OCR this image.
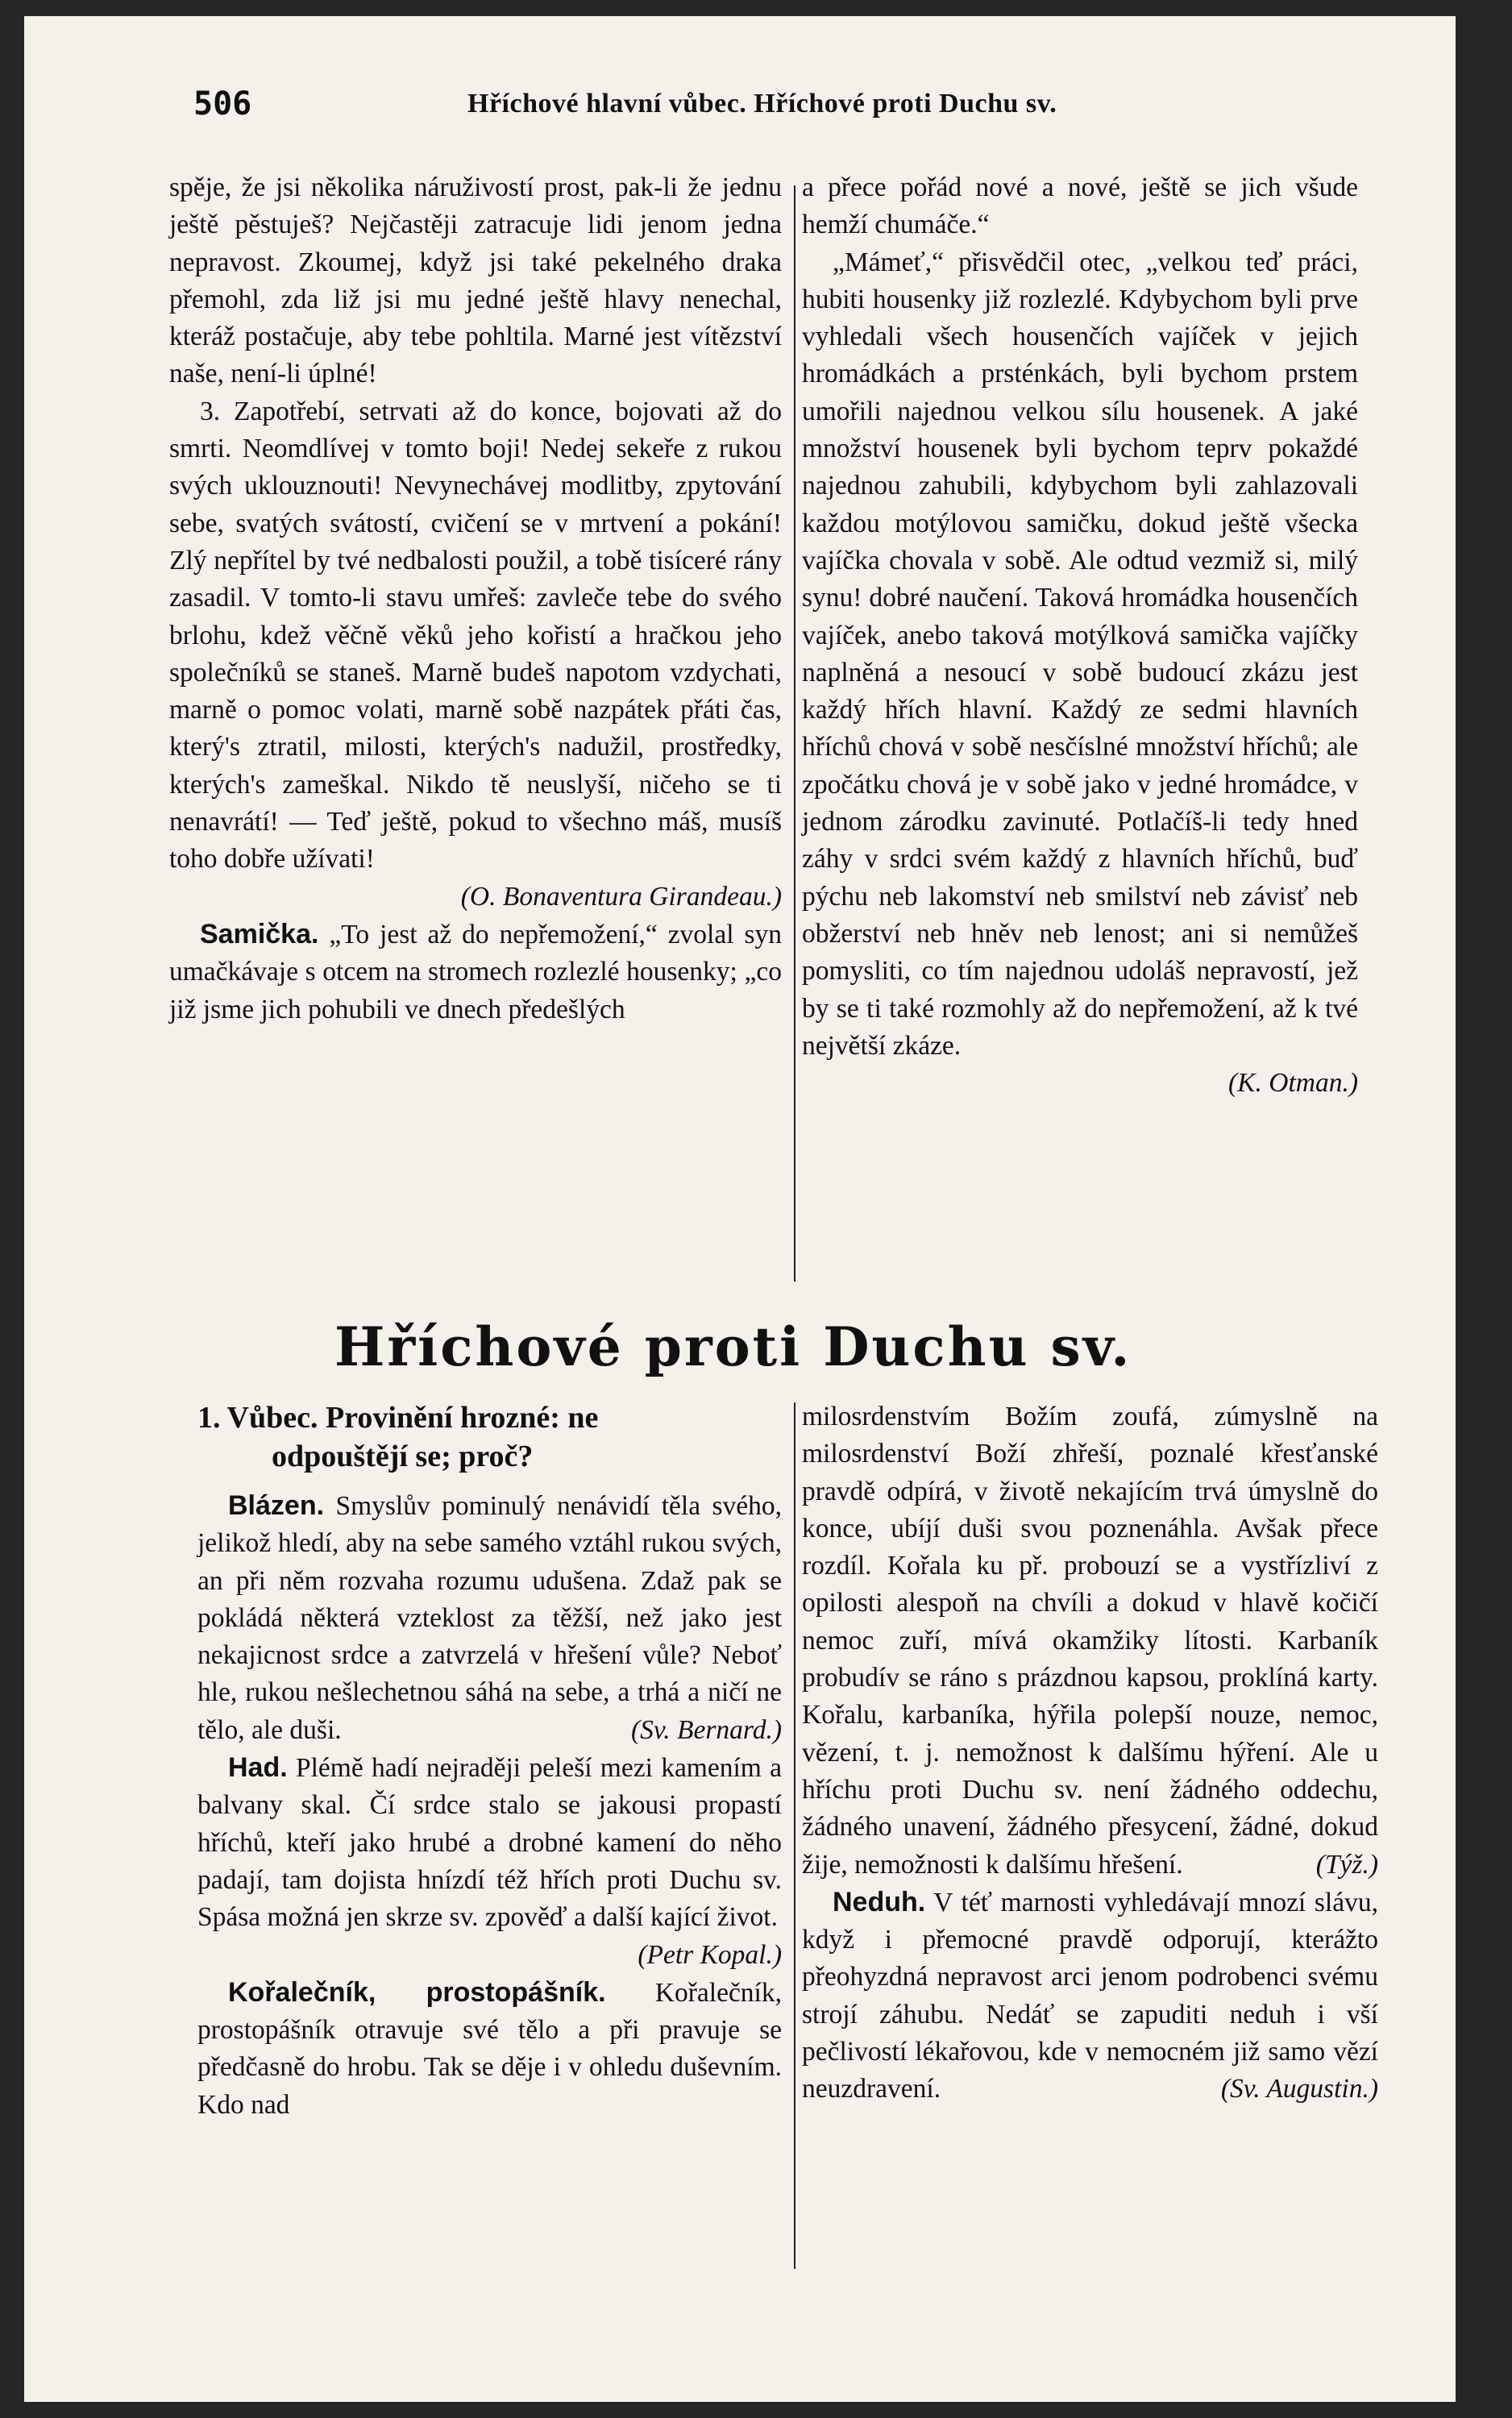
506	Hříchové hlavní vůbec. Hříchové proti Duchu sv.

spěje, že jsi několika náruživostí prost, pak-li že jednu ještě pěstuješ? Nejčastěji zatracuje lidi jenom jedna nepravost. Zkoumej, když jsi také pekelného draka přemohl, zda liž jsi mu jedné ještě hlavy nenechal, kteráž postačuje, aby tebe pohltila. Marné jest vítězství naše, není-li úplné!

3. Zapotřebí, setrvati až do konce, bojovati až do smrti. Neomdlívej v tomto boji! Nedej sekeře z rukou svých uklouznouti! Nevynechávej modlitby, zpytování sebe, svatých svátostí, cvičení se v mrtvení a pokání! Zlý nepřítel by tvé nedbalosti použil, a tobě tisíceré rány zasadil. V tomto-li stavu umřeš: zavleče tebe do svého brlohu, kdež věčně věků jeho kořistí a hračkou jeho společníků se staneš. Marně budeš napotom vzdychati, marně o pomoc volati, marně sobě nazpátek přáti čas, který's ztratil, milosti, kterých's nadužil, prostředky, kterých's zameškal. Nikdo tě neuslyší, ničeho se ti nenavrátí! — Teď ještě, pokud to všechno máš, musíš toho dobře užívati!

(O. Bonaventura Girandeau.)

Samička. „To jest až do nepřemožení,“ zvolal syn umačkávaje s otcem na stromech rozlezlé housenky; „co již jsme jich pohubili ve dnech předešlých

a přece pořád nové a nové, ještě se jich všude hemží chumáče.“

„Mámeť,“ přisvědčil otec, „velkou teď práci, hubiti housenky již rozlezlé. Kdybychom byli prve vyhledali všech housenčích vajíček v jejich hromádkách a prsténkách, byli bychom prstem umořili najednou velkou sílu housenek. A jaké množství housenek byli bychom teprv pokaždé najednou zahubili, kdybychom byli zahlazovali každou motýlovou samičku, dokud ještě všecka vajíčka chovala v sobě. Ale odtud vezmiž si, milý synu! dobré naučení. Taková hromádka housenčích vajíček, anebo taková motýlková samička vajíčky naplněná a nesoucí v sobě budoucí zkázu jest každý hřích hlavní. Každý ze sedmi hlavních hříchů chová v sobě nesčíslné množství hříchů; ale zpočátku chová je v sobě jako v jedné hromádce, v jednom zárodku zavinuté. Potlačíš-li tedy hned záhy v srdci svém každý z hlavních hříchů, buď pýchu neb lakomství neb smilství neb závisť neb obžerství neb hněv neb lenost; ani si nemůžeš pomysliti, co tím najednou udoláš nepravostí, jež by se ti také rozmohly až do nepřemožení, až k tvé největší zkáze.

(K. Otman.)

Hříchové proti Duchu sv.

1. Vůbec. Provinění hrozné: ne
odpouštějí se; proč?

Blázen. Smyslův pominulý nenávidí těla svého, jelikož hledí, aby na sebe samého vztáhl rukou svých, an při něm rozvaha rozumu udušena. Zdaž pak se pokládá některá vzteklost za těžší, než jako jest nekajicnost srdce a zatvrzelá v hřešení vůle? Neboť hle, rukou nešlechetnou sáhá na sebe, a trhá a ničí ne tělo, ale duši.	(Sv. Bernard.)

Had. Plémě hadí nejraději peleší mezi kamením a balvany skal. Čí srdce stalo se jakousi propastí hříchů, kteří jako hrubé a drobné kamení do něho padají, tam dojista hnízdí též hřích proti Duchu sv. Spása možná jen skrze sv. zpověď a další kající život.
(Petr Kopal.)

Kořalečník, prostopášník. Kořalečník, prostopášník otravuje své tělo a při pravuje se předčasně do hrobu. Tak se děje i v ohledu duševním. Kdo nad

milosrdenstvím Božím zoufá, zúmyslně na milosrdenství Boží zhřeší, poznalé křesťanské pravdě odpírá, v životě nekajícím trvá úmyslně do konce, ubíjí duši svou poznenáhla. Avšak přece rozdíl. Kořala ku př. probouzí se a vystřízliví z opilosti alespoň na chvíli a dokud v hlavě kočičí nemoc zuří, mívá okamžiky lítosti. Karbaník probudív se ráno s prázdnou kapsou, proklíná karty. Kořalu, karbaníka, hýřila polepší nouze, nemoc, vězení, t. j. nemožnost k dalšímu hýření. Ale u hříchu proti Duchu sv. není žádného oddechu, žádného unavení, žádného přesycení, žádné, dokud žije, nemožnosti k dalšímu hřešení.	(Týž.)

Neduh. V téť marnosti vyhledávají mnozí slávu, když i přemocné pravdě odporují, kterážto přeohyzdná nepravost arci jenom podrobenci svému strojí záhubu. Nedáť se zapuditi neduh i vší pečlivostí lékařovou, kde v nemocném již samo vězí neuzdravení.	(Sv. Augustin.)
